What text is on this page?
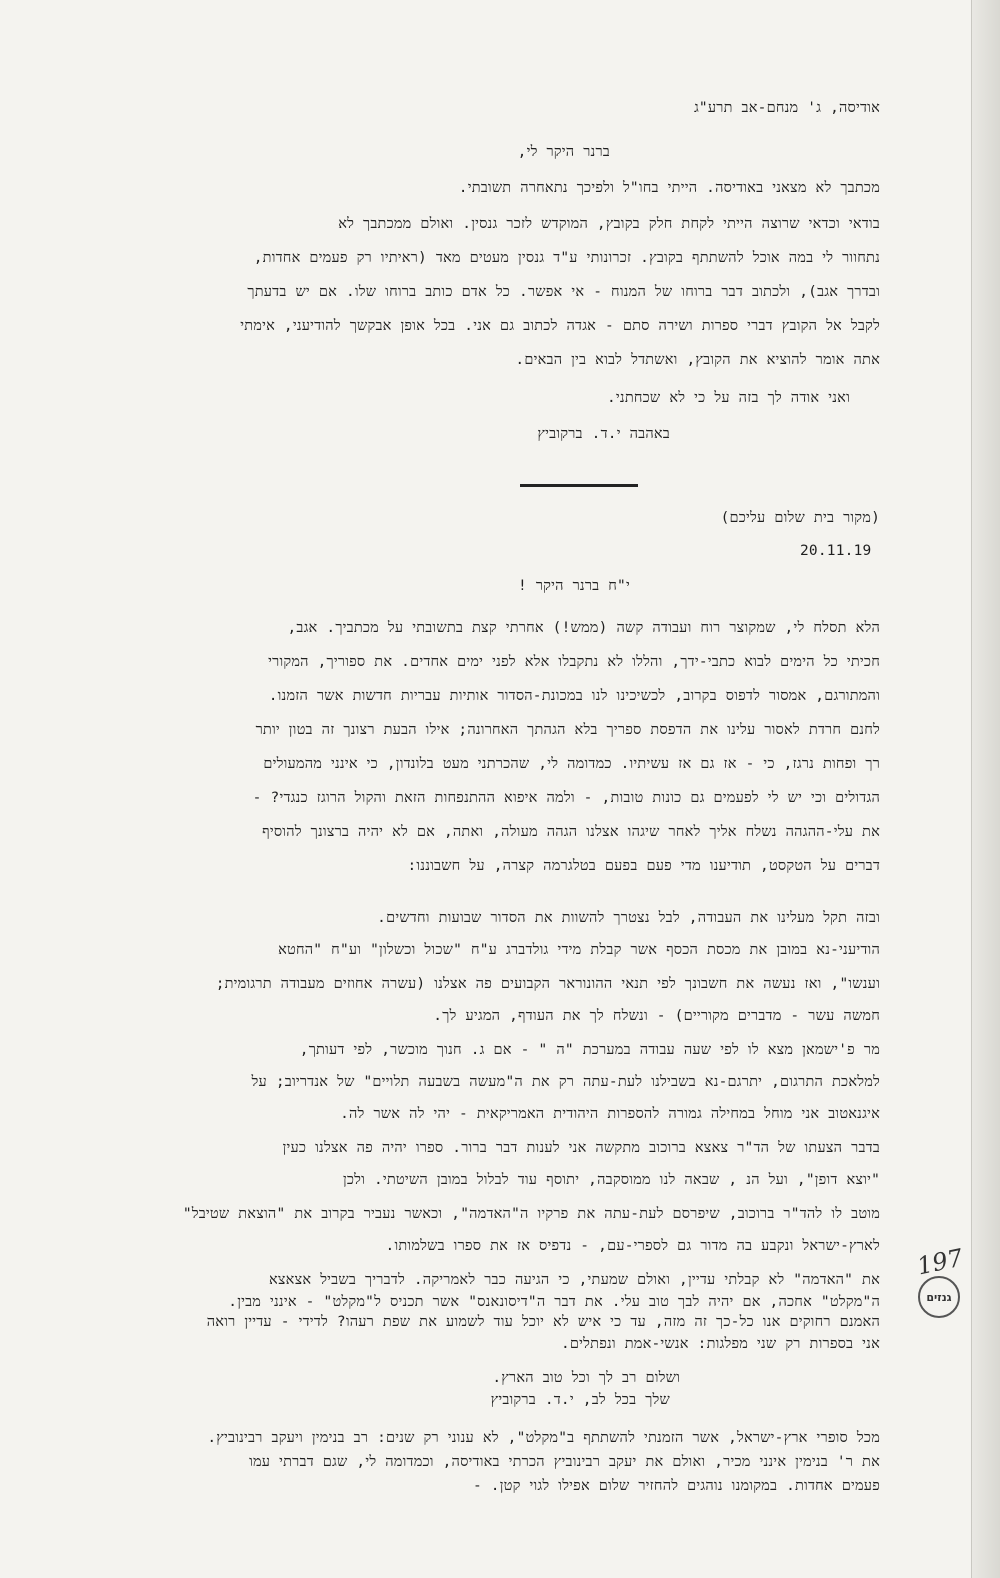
אודיסה, ג' מנחם-אב תרע"ג
ברנר היקר לי,
מכתבך לא מצאני באודיסה. הייתי בחו"ל ולפיכך נתאחרה תשובתי.
בודאי וכדאי שרוצה הייתי לקחת חלק בקובץ, המוקדש לזכר גנסין. ואולם ממכתבך לא
נתחוור לי במה אוכל להשתתף בקובץ. זכרונותי ע"ד גנסין מעטים מאד (ראיתיו רק פעמים אחדות,
ובדרך אגב), ולכתוב דבר ברוחו של המנוח - אי אפשר. כל אדם כותב ברוחו שלו. אם יש בדעתך
לקבל אל הקובץ דברי ספרות ושירה סתם - אגדה לכתוב גם אני. בכל אופן אבקשך להודיעני, אימתי
אתה אומר להוציא את הקובץ, ואשתדל לבוא בין הבאים.
ואני אודה לך בזה על כי לא שכחתני.
באהבה י.ד. ברקוביץ
(מקור בית שלום עליכם)
20.11.19
י"ח ברנר היקר !
הלא תסלח לי, שמקוצר רוח ועבודה קשה (ממש!) אחרתי קצת בתשובתי על מכתביך. אגב,
חכיתי כל הימים לבוא כתבי-ידך, והללו לא נתקבלו אלא לפני ימים אחדים. את ספוריך, המקורי
והמתורגם, אמסור לדפוס בקרוב, לכשיכינו לנו במכונת-הסדור אותיות עבריות חדשות אשר הזמנו.
לחנם חרדת לאסור עלינו את הדפסת ספריך בלא הגהתך האחרונה; אילו הבעת רצונך זה בטון יותר
רך ופחות נרגז, כי - אז גם אז עשיתיו. כמדומה לי, שהכרתני מעט בלונדון, כי אינני מהמעולים
הגדולים וכי יש לי לפעמים גם כונות טובות, - ולמה איפוא ההתנפחות הזאת והקול הרוגז כנגדי? -
את עלי-ההגהה נשלח אליך לאחר שיגהו אצלנו הגהה מעולה, ואתה, אם לא יהיה ברצונך להוסיף
דברים על הטקסט, תודיענו מדי פעם בפעם בטלגרמה קצרה, על חשבוננו:
ובזה תקל מעלינו את העבודה, לבל נצטרך להשוות את הסדור שבועות וחדשים.
הודיעני-נא במובן את מכסת הכסף אשר קבלת מידי גולדברג ע"ח "שכול וכשלון" וע"ח "החטא
וענשו", ואז נעשה את חשבונך לפי תנאי ההונוראר הקבועים פה אצלנו (עשרה אחוזים מעבודה תרגומית;
חמשה עשר - מדברים מקוריים) - ונשלח לך את העודף, המגיע לך.
מר פ'ישמאן מצא לו לפי שעה עבודה במערכת "ה " - אם ג. חנוך מוכשר, לפי דעותך,
למלאכת התרגום, יתרגם-נא בשבילנו לעת-עתה רק את ה"מעשה בשבעה תלויים" של אנדריוב; על
איגנאטוב אני מוחל במחילה גמורה להספרות היהודית האמריקאית - יהי לה אשר לה.
בדבר הצעתו של הד"ר צאצא ברוכוב מתקשה אני לענות דבר ברור. ספרו יהיה פה אצלנו כעין
"יוצא דופן", ועל הנ , שבאה לנו ממוסקבה, יתוסף עוד לבלול במובן השיטתי. ולכן
מוטב לו להד"ר ברוכוב, שיפרסם לעת-עתה את פרקיו ה"האדמה", וכאשר נעביר בקרוב את "הוצאת שטיבל"
לארץ-ישראל ונקבע בה מדור גם לספרי-עם, - נדפיס אז את ספרו בשלמותו.
את "האדמה" לא קבלתי עדיין, ואולם שמעתי, כי הגיעה כבר לאמריקה. לדבריך בשביל אצאצא
ה"מקלט" אחכה, אם יהיה לבך טוב עלי. את דבר ה"דיסונאנס" אשר תכניס ל"מקלט" - אינני מבין.
האמנם רחוקים אנו כל-כך זה מזה, עד כי איש לא יוכל עוד לשמוע את שפת רעהו? לדידי - עדיין רואה
אני בספרות רק שני מפלגות: אנשי-אמת ונפתלים.
ושלום רב לך וכל טוב הארץ.
שלך בכל לב, י.ד. ברקוביץ
מכל סופרי ארץ-ישראל, אשר הזמנתי להשתתף ב"מקלט", לא ענוני רק שנים: רב בנימין ויעקב רבינוביץ.
את ר' בנימין אינני מכיר, ואולם את יעקב רבינוביץ הכרתי באודיסה, וכמדומה לי, שגם דברתי עמו
פעמים אחדות. במקומנו נוהגים להחזיר שלום אפילו לגוי קטן. -
197
גנזים
